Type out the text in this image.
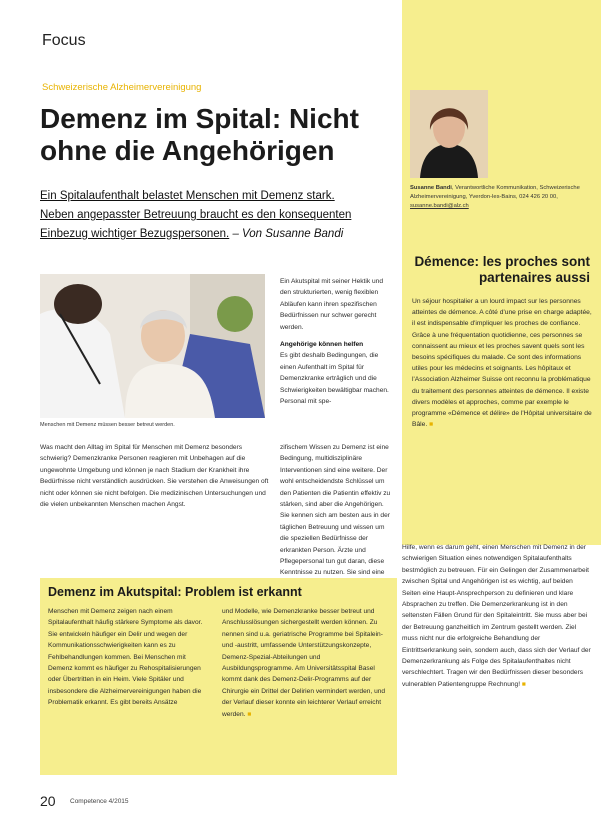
Focus
Schweizerische Alzheimervereinigung
Demenz im Spital: Nicht ohne die Angehörigen
Ein Spitalaufenthalt belastet Menschen mit Demenz stark.
Neben angepasster Betreuung braucht es den konsequenten
Einbezug wichtiger Bezugspersonen. – Von Susanne Bandi
Menschen mit Demenz müssen besser betreut werden.

Ein Akutspital mit seiner Hektik und den strukturierten, wenig flexiblen Abläufen kann ihren spezifischen Bedürfnissen nur schwer gerecht werden.

Angehörige können helfen

Es gibt deshalb Bedingungen, die einen Aufenthalt im Spital für Demenzkranke erträglich und die Schwierigkeiten bewältigbar machen. Personal mit spe-

Was macht den Alltag im Spital für Menschen mit Demenz besonders schwierig? Demenzkranke Personen reagieren mit Unbehagen auf die ungewohnte Umgebung und können je nach Stadium der Krankheit ihre Bedürfnisse nicht verständlich ausdrücken. Sie verstehen die Anweisungen oft nicht oder können sie nicht befolgen. Die medizinischen Untersuchungen und die vielen unbekannten Menschen machen Angst.

zifischem Wissen zu Demenz ist eine Bedingung, multidisziplinäre Interventionen sind eine weitere. Der wohl entscheidendste Schlüssel um den Patienten die Patientin effektiv zu stärken, sind aber die Angehörigen. Sie kennen sich am besten aus in der täglichen Betreuung und wissen um die speziellen Bedürfnisse der erkrankten Person. Ärzte und Pflegepersonal tun gut daran, diese Kenntnisse zu nutzen. Sie sind eine

Susanne Bandi, Verantwortliche Kommunikation, Schweizerische Alzheimervereinigung, Yverdon-les-Bains, 024 426 20 00, susanne.bandi@alz.ch
Démence: les proches sont partenaires aussi
Un séjour hospitalier a un lourd impact sur les personnes atteintes de démence. A côté d'une prise en charge adaptée, il est indispensable d'impliquer les proches de confiance. Grâce à une fréquentation quotidienne, ces personnes se connaissent au mieux et les proches savent quels sont les besoins spécifiques du malade. Ce sont des informations utiles pour les médecins et soignants. Les hôpitaux et l'Association Alzheimer Suisse ont reconnu la problématique du traitement des personnes atteintes de démence. Il existe divers modèles et approches, comme par exemple le programme «Démence et délire» de l'Hôpital universitaire de Bâle. ■

Hilfe, wenn es darum geht, einen Menschen mit Demenz in der schwierigen Situation eines notwendigen Spitalaufenthalts bestmöglich zu betreuen. Für ein Gelingen der Zusammenarbeit zwischen Spital und Angehörigen ist es wichtig, auf beiden Seiten eine Haupt-Ansprechperson zu definieren und klare Absprachen zu treffen. Die Demenzerkrankung ist in den seltensten Fällen Grund für den Spitaleintritt. Sie muss aber bei der Betreuung ganzheitlich im Zentrum gestellt werden. Ziel muss nicht nur die erfolgreiche Behandlung der Eintrittserkrankung sein, sondern auch, dass sich der Verlauf der Demenzerkrankung als Folge des Spitalaufenthaltes nicht verschlechtert. Tragen wir den Bedürfnissen dieser besonders vulnerablen Patientengruppe Rechnung! ■

Demenz im Akutspital: Problem ist erkannt

Menschen mit Demenz zeigen nach einem Spitalaufenthalt häufig stärkere Symptome als davor. Sie entwickeln häufiger ein Delir und wegen der Kommunikationsschwierigkeiten kann es zu Fehlbehandlungen kommen. Bei Menschen mit Demenz kommt es häufiger zu Rehospitalisierungen oder Übertritten in ein Heim. Viele Spitäler und insbesondere die Alzheimervereinigungen haben die Problematik erkannt. Es gibt bereits Ansätze

und Modelle, wie Demenzkranke besser betreut und Anschlusslösungen sichergestellt werden können. Zu nennen sind u.a. geriatrische Programme bei Spitalein- und -austritt, umfassende Unterstützungskonzepte, Demenz-Spezial-Abteilungen und Ausbildungsprogramme. Am Universitätsspital Basel kommt dank des Demenz-Delir-Programms auf der Chirurgie ein Drittel der Delirien vermindert werden, und der Verlauf dieser konnte ein leichterer Verlauf erreicht werden. ■

20 Competence 4/2015
